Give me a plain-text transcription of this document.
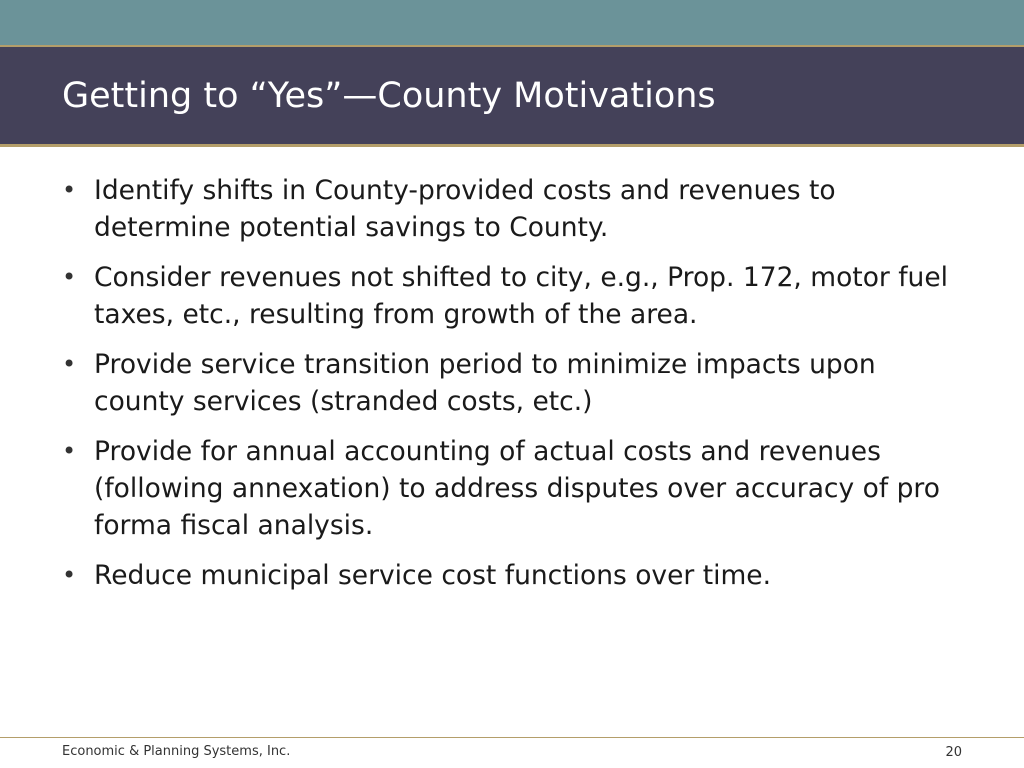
Getting to “Yes”—County Motivations
• Identify shifts in County-provided costs and revenues to determine potential savings to County.
• Consider revenues not shifted to city, e.g., Prop. 172, motor fuel taxes, etc., resulting from growth of the area.
• Provide service transition period to minimize impacts upon county services (stranded costs, etc.)
• Provide for annual accounting of actual costs and revenues (following annexation) to address disputes over accuracy of pro forma fiscal analysis.
• Reduce municipal service cost functions over time.
Economic & Planning Systems, Inc.	20
